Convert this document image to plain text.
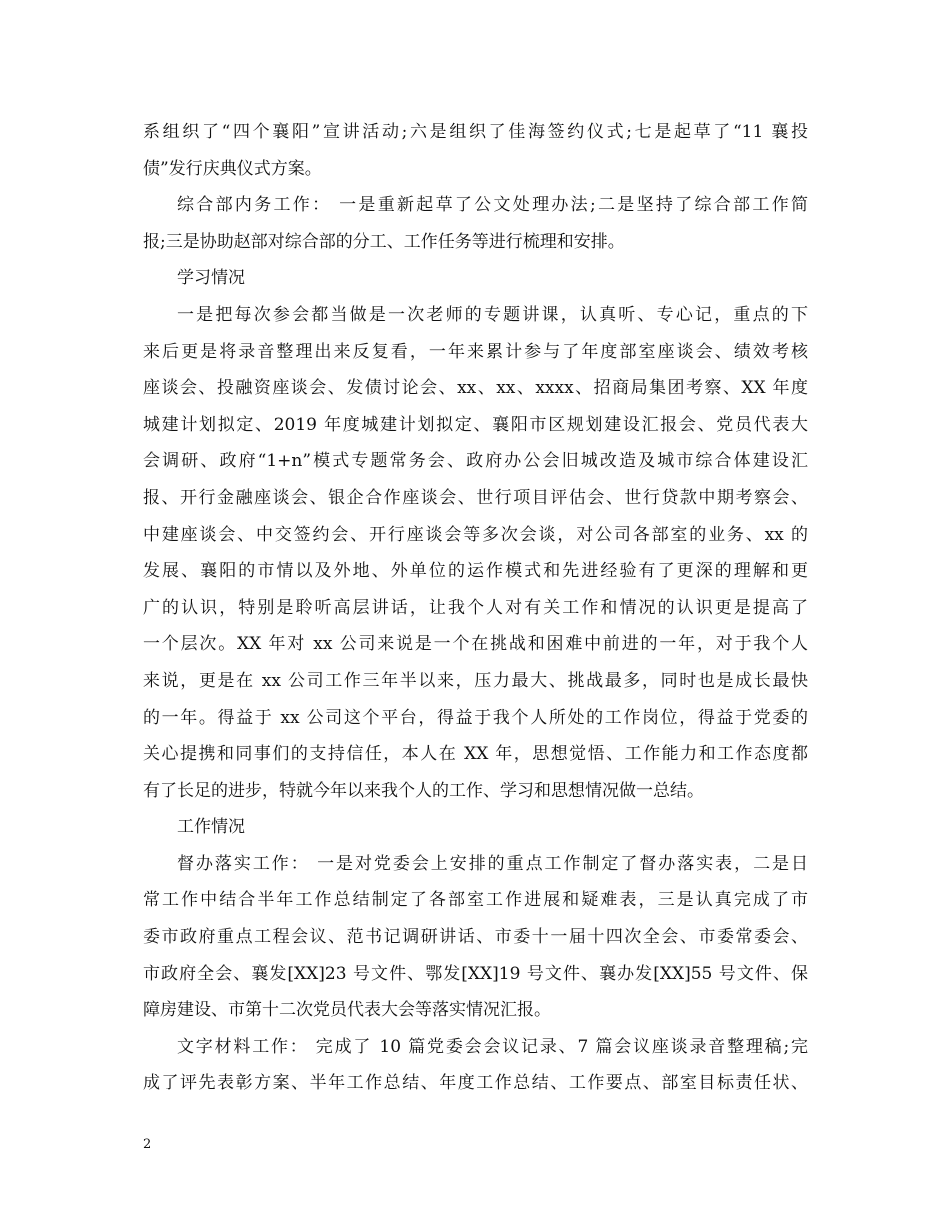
系组织了“四个襄阳”宣讲活动;六是组织了佳海签约仪式;七是起草了“11 襄投
债”发行庆典仪式方案。
综合部内务工作： 一是重新起草了公文处理办法;二是坚持了综合部工作简
报;三是协助赵部对综合部的分工、工作任务等进行梳理和安排。
学习情况
一是把每次参会都当做是一次老师的专题讲课，认真听、专心记，重点的下
来后更是将录音整理出来反复看，一年来累计参与了年度部室座谈会、绩效考核
座谈会、投融资座谈会、发债讨论会、xx、xx、xxxx、招商局集团考察、XX 年度
城建计划拟定、2019 年度城建计划拟定、襄阳市区规划建设汇报会、党员代表大
会调研、政府“1+n”模式专题常务会、政府办公会旧城改造及城市综合体建设汇
报、开行金融座谈会、银企合作座谈会、世行项目评估会、世行贷款中期考察会、
中建座谈会、中交签约会、开行座谈会等多次会谈，对公司各部室的业务、xx 的
发展、襄阳的市情以及外地、外单位的运作模式和先进经验有了更深的理解和更
广的认识，特别是聆听高层讲话，让我个人对有关工作和情况的认识更是提高了
一个层次。XX 年对 xx 公司来说是一个在挑战和困难中前进的一年，对于我个人
来说，更是在 xx 公司工作三年半以来，压力最大、挑战最多，同时也是成长最快
的一年。得益于 xx 公司这个平台，得益于我个人所处的工作岗位，得益于党委的
关心提携和同事们的支持信任，本人在 XX 年，思想觉悟、工作能力和工作态度都
有了长足的进步，特就今年以来我个人的工作、学习和思想情况做一总结。
工作情况
督办落实工作： 一是对党委会上安排的重点工作制定了督办落实表，二是日
常工作中结合半年工作总结制定了各部室工作进展和疑难表，三是认真完成了市
委市政府重点工程会议、范书记调研讲话、市委十一届十四次全会、市委常委会、
市政府全会、襄发[XX]23 号文件、鄂发[XX]19 号文件、襄办发[XX]55 号文件、保
障房建设、市第十二次党员代表大会等落实情况汇报。
文字材料工作： 完成了 10 篇党委会会议记录、7 篇会议座谈录音整理稿;完
成了评先表彰方案、半年工作总结、年度工作总结、工作要点、部室目标责任状、
2
